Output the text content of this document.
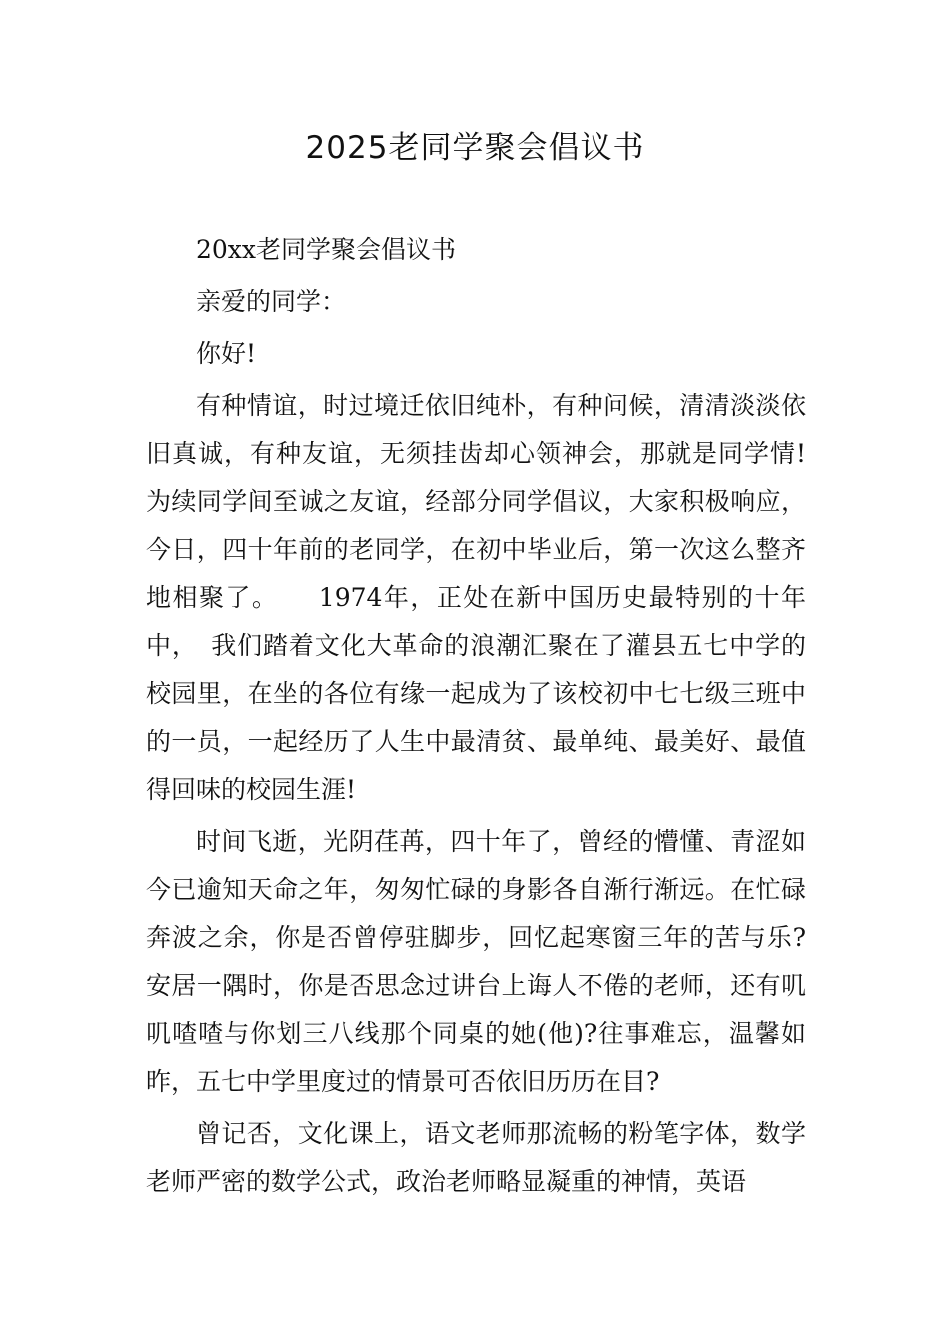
2025老同学聚会倡议书

20xx老同学聚会倡议书

亲爱的同学：

你好!

有种情谊，时过境迁依旧纯朴，有种问候，清清淡淡依旧真诚，有种友谊，无须挂齿却心领神会，那就是同学情!为续同学间至诚之友谊，经部分同学倡议，大家积极响应，今日，四十年前的老同学，在初中毕业后，第一次这么整齐地相聚了。　　1974年，正处在新中国历史最特别的十年中，　我们踏着文化大革命的浪潮汇聚在了灌县五七中学的校园里，在坐的各位有缘一起成为了该校初中七七级三班中的一员，一起经历了人生中最清贫、最单纯、最美好、最值得回味的校园生涯!

时间飞逝，光阴荏苒，四十年了，曾经的懵懂、青涩如今已逾知天命之年，匆匆忙碌的身影各自渐行渐远。在忙碌奔波之余，你是否曾停驻脚步，回忆起寒窗三年的苦与乐?安居一隅时，你是否思念过讲台上诲人不倦的老师，还有叽叽喳喳与你划三八线那个同桌的她(他)?往事难忘，温馨如昨，五七中学里度过的情景可否依旧历历在目?

曾记否，文化课上，语文老师那流畅的粉笔字体，数学老师严密的数学公式，政治老师略显凝重的神情，英语
